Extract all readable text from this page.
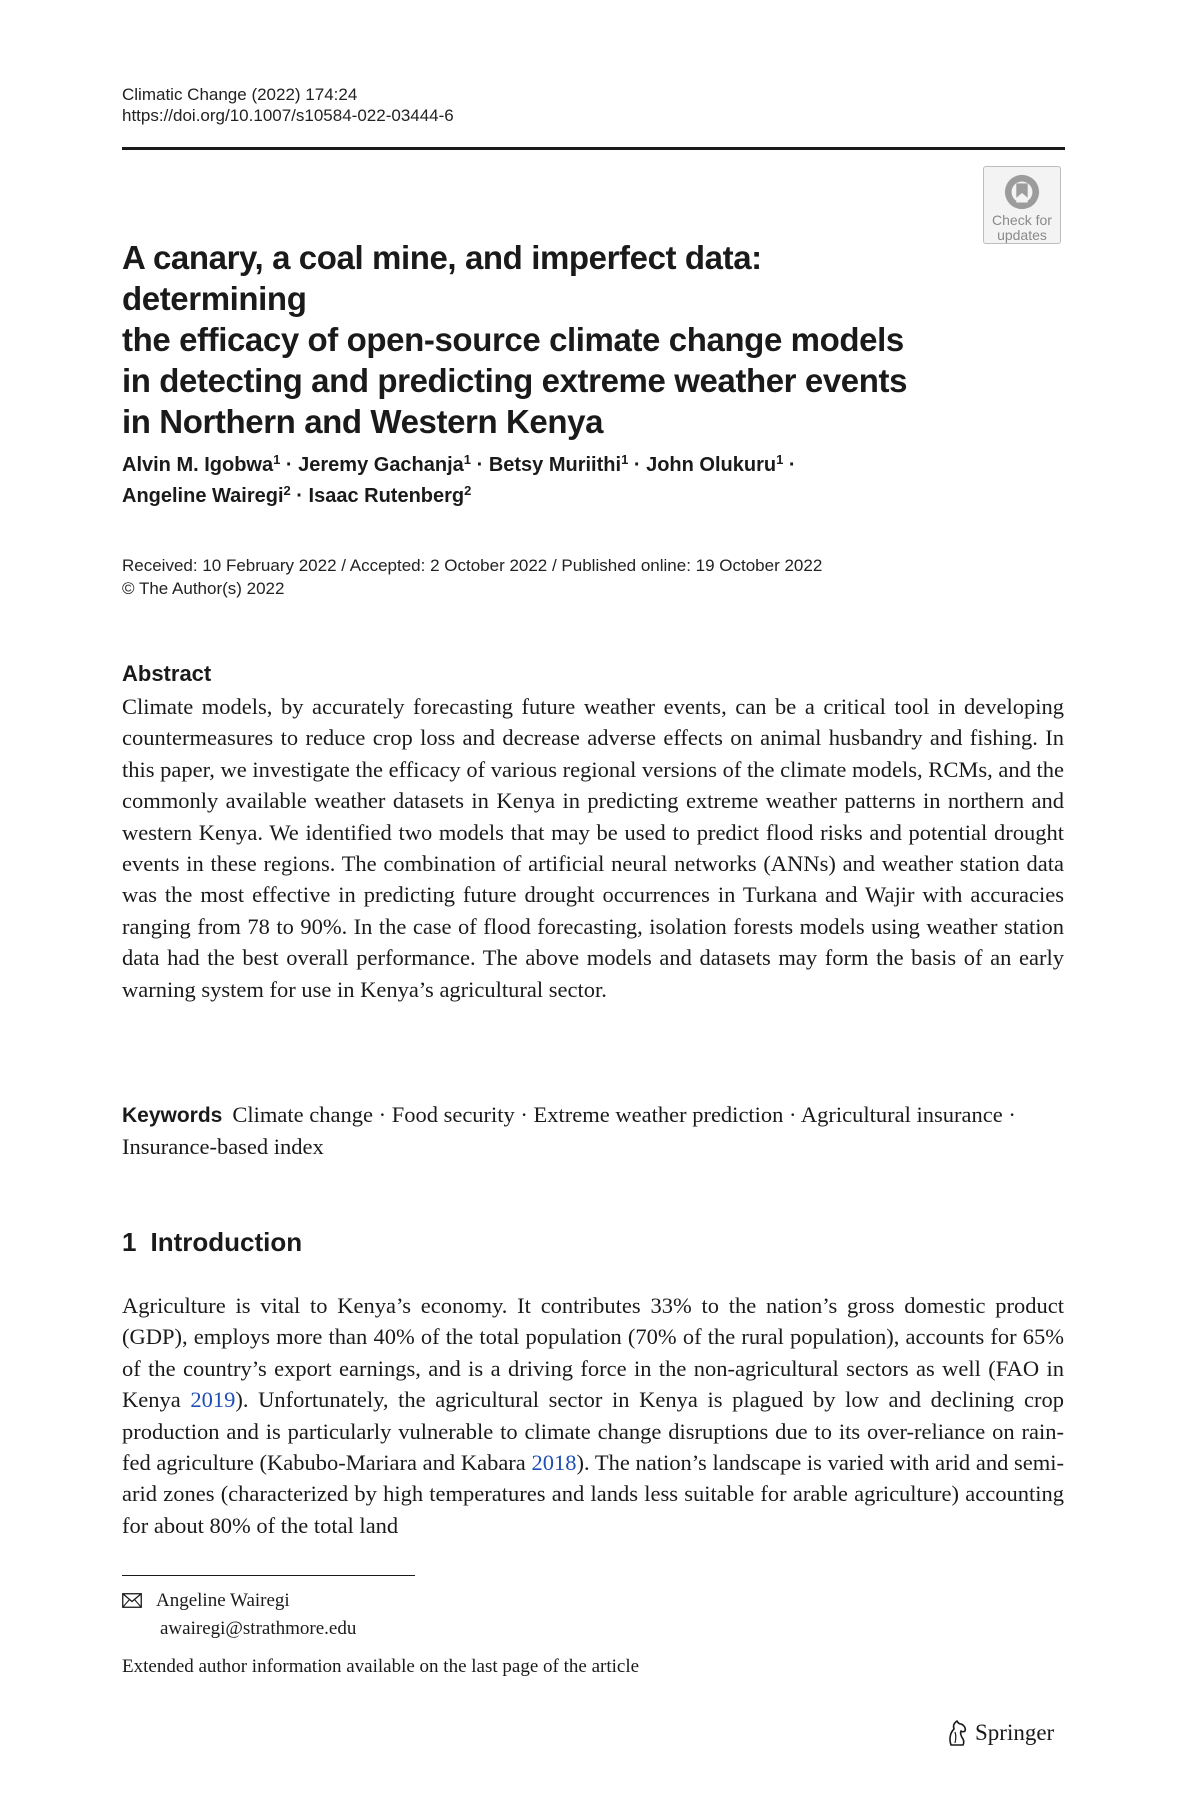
Climatic Change (2022) 174:24
https://doi.org/10.1007/s10584-022-03444-6
Check for
updates
A canary, a coal mine, and imperfect data: determining
the efficacy of open-source climate change models
in detecting and predicting extreme weather events
in Northern and Western Kenya
Alvin M. Igobwa$^1$ · Jeremy Gachanja$^1$ · Betsy Muriithi$^1$ · John Olukuru$^1$ ·
Angeline Wairegi$^2$ · Isaac Rutenberg$^2$
Received: 10 February 2022 / Accepted: 2 October 2022 / Published online: 19 October 2022
© The Author(s) 2022
Abstract

Climate models, by accurately forecasting future weather events, can be a critical tool in developing countermeasures to reduce crop loss and decrease adverse effects on animal husbandry and fishing. In this paper, we investigate the efficacy of various regional versions of the climate models, RCMs, and the commonly available weather datasets in Kenya in predicting extreme weather patterns in northern and western Kenya. We identified two models that may be used to predict flood risks and potential drought events in these regions. The combination of artificial neural networks (ANNs) and weather station data was the most effective in predicting future drought occurrences in Turkana and Wajir with accuracies ranging from 78 to 90%. In the case of flood forecasting, isolation forests models using weather station data had the best overall performance. The above models and datasets may form the basis of an early warning system for use in Kenya’s agricultural sector.

Keywords Climate change · Food security · Extreme weather prediction · Agricultural insurance · Insurance-based index

1 Introduction

Agriculture is vital to Kenya’s economy. It contributes 33% to the nation’s gross domestic product (GDP), employs more than 40% of the total population (70% of the rural population), accounts for 65% of the country’s export earnings, and is a driving force in the non-agricultural sectors as well (FAO in Kenya 2019). Unfortunately, the agricultural sector in Kenya is plagued by low and declining crop production and is particularly vulnerable to climate change disruptions due to its over-reliance on rain-fed agriculture (Kabubo-Mariara and Kabara 2018). The nation’s landscape is varied with arid and semi-arid zones (characterized by high temperatures and lands less suitable for arable agriculture) accounting for about 80% of the total land

Angeline Wairegi
awairegi@strathmore.edu
Extended author information available on the last page of the article
Springer
